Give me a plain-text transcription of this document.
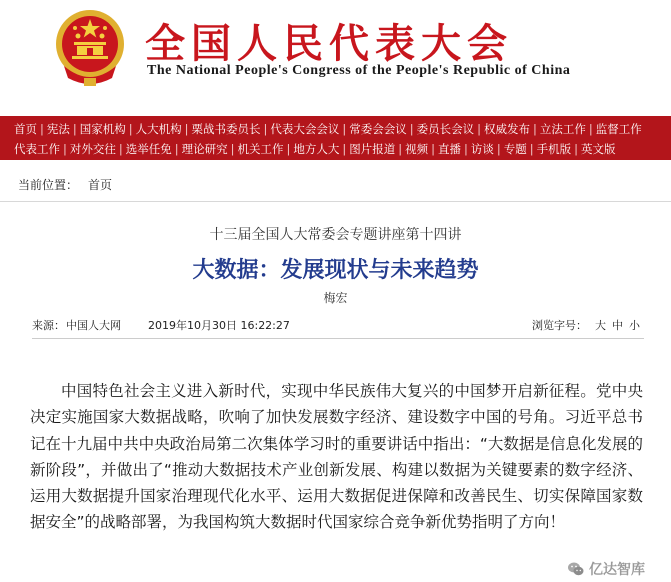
全国人民代表大会
The National People's Congress of the People's Republic of China
首页 | 宪法 | 国家机构 | 人大机构 | 栗战书委员长 | 代表大会会议 | 常委会会议 | 委员长会议 | 权威发布 | 立法工作 | 监督工作
代表工作 | 对外交往 | 选举任免 | 理论研究 | 机关工作 | 地方人大 | 图片报道 | 视频 | 直播 | 访谈 | 专题 | 手机版 | 英文版
当前位置： 首页
十三届全国人大常委会专题讲座第十四讲
大数据：发展现状与未来趋势
梅宏
来源： 中国人大网 2019年10月30日 16:22:27	浏览字号： 大 中 小

中国特色社会主义进入新时代，实现中华民族伟大复兴的中国梦开启新征程。党中央决定实施国家大数据战略，吹响了加快发展数字经济、建设数字中国的号角。习近平总书记在十九届中共中央政治局第二次集体学习时的重要讲话中指出：“大数据是信息化发展的新阶段”，并做出了“推动大数据技术产业创新发展、构建以数据为关键要素的数字经济、运用大数据提升国家治理现代化水平、运用大数据促进保障和改善民生、切实保障国家数据安全”的战略部署，为我国构筑大数据时代国家综合竞争新优势指明了方向！

亿达智库
